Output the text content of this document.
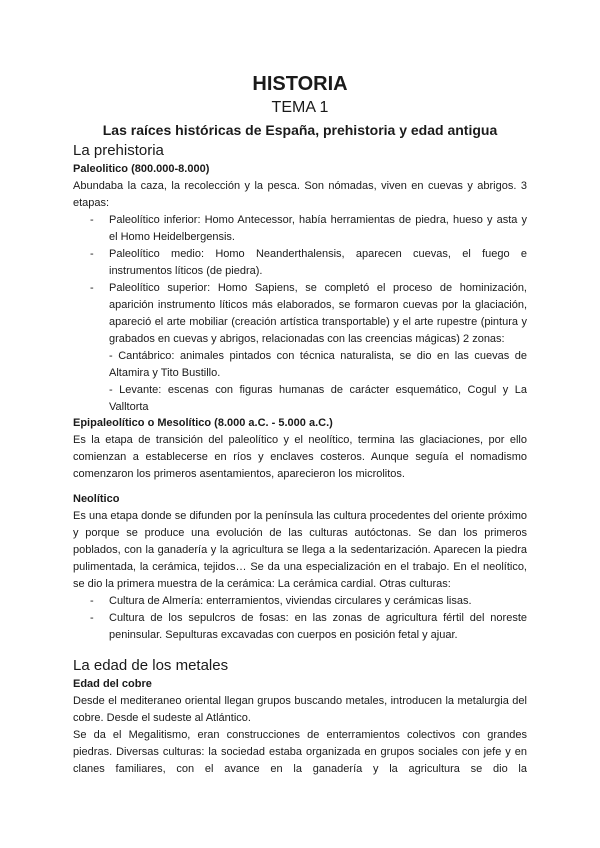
HISTORIA
TEMA 1
Las raíces históricas de España, prehistoria y edad antigua
La prehistoria
Paleolitico (800.000-8.000)

Abundaba la caza, la recolección y la pesca. Son nómadas, viven en cuevas y abrigos. 3 etapas:

- Paleolítico inferior: Homo Antecessor, había herramientas de piedra, hueso y asta y el Homo Heidelbergensis.
- Paleolítico medio: Homo Neanderthalensis, aparecen cuevas, el fuego e instrumentos líticos (de piedra).
- Paleolítico superior: Homo Sapiens, se completó el proceso de hominización, aparición instrumento líticos más elaborados, se formaron cuevas por la glaciación, apareció el arte mobiliar (creación artística transportable) y el arte rupestre (pintura y grabados en cuevas y abrigos, relacionadas con las creencias mágicas) 2 zonas:
- Cantábrico: animales pintados con técnica naturalista, se dio en las cuevas de Altamira y Tito Bustillo.
- Levante: escenas con figuras humanas de carácter esquemático, Cogul y La Valltorta
Epipaleolítico o Mesolítico (8.000 a.C. - 5.000 a.C.)

Es la etapa de transición del paleolítico y el neolítico, termina las glaciaciones, por ello comienzan a establecerse en ríos y enclaves costeros. Aunque seguía el nomadismo comenzaron los primeros asentamientos, aparecieron los microlitos.

Neolítico

Es una etapa donde se difunden por la península las cultura procedentes del oriente próximo y porque se produce una evolución de las culturas autóctonas. Se dan los primeros poblados, con la ganadería y la agricultura se llega a la sedentarización. Aparecen la piedra pulimentada, la cerámica, tejidos… Se da una especialización en el trabajo. En el neolítico, se dio la primera muestra de la cerámica: La cerámica cardial. Otras culturas:

- Cultura de Almería: enterramientos, viviendas circulares y cerámicas lisas.
- Cultura de los sepulcros de fosas: en las zonas de agricultura fértil del noreste peninsular. Sepulturas excavadas con cuerpos en posición fetal y ajuar.
La edad de los metales
Edad del cobre

Desde el mediteraneo oriental llegan grupos buscando metales, introducen la metalurgia del cobre. Desde el sudeste al Atlántico.

Se da el Megalitismo, eran construcciones de enterramientos colectivos con grandes piedras. Diversas culturas: la sociedad estaba organizada en grupos sociales con jefe y en clanes familiares, con el avance en la ganadería y la agricultura se dio la
